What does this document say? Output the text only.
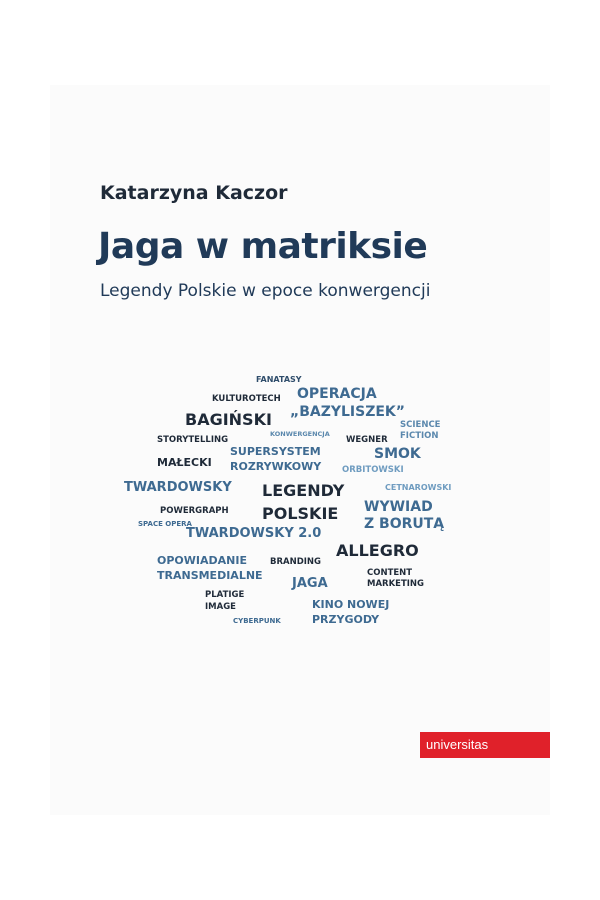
Katarzyna Kaczor
Jaga w matriksie
Legendy Polskie w epoce konwergencji
FANATASY
KULTUROTECH OPERACJA
„BAZYLISZEK”
BAGIŃSKI	SCIENCE
FICTION
STORYTELLING
KONWERGENCJA
WEGNER
SUPERSYSTEM	SMOK
MAŁECKI ROZRYWKOWY ORBITOWSKI
TWARDOWSKY LEGENDY	CETNAROWSKI
WYWIAD
POWERGRAPH POLSKIE
Z BORUTĄ
SPACE OPERA
TWARDOWSKY 2.0
ALLEGRO
OPOWIADANIE	BRANDING
CONTENT
TRANSMEDIALNE
JAGA	MARKETING
PLATIGE
KINO NOWEJ
IMAGE
PRZYGODY
CYBERPUNK
universitas
